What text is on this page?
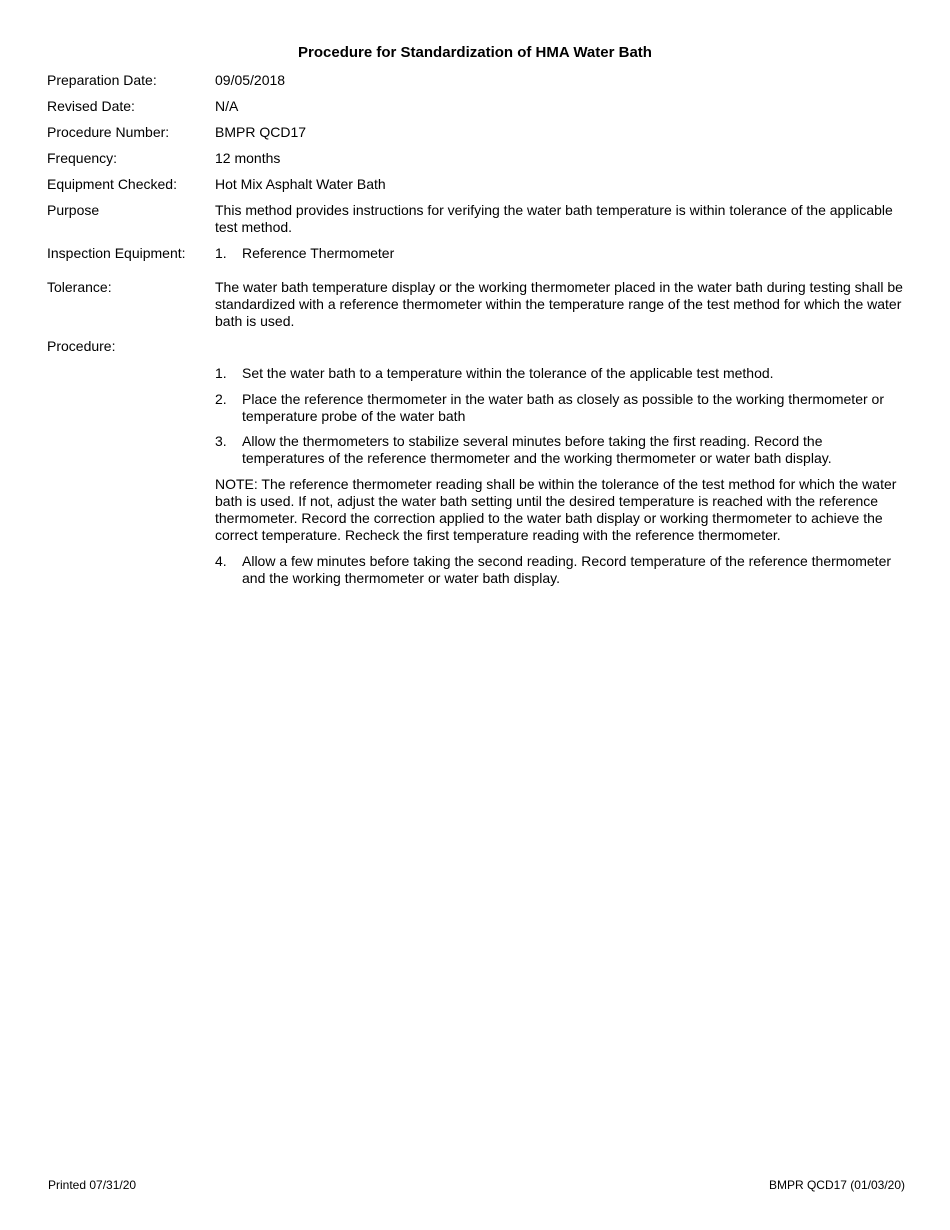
Procedure for Standardization of HMA Water Bath
Preparation Date:	09/05/2018
Revised Date:	N/A
Procedure Number:	BMPR QCD17
Frequency:	12 months
Equipment Checked:	Hot Mix Asphalt Water Bath
Purpose	This method provides instructions for verifying the water bath temperature is within tolerance of the applicable test method.
Inspection Equipment:	1. Reference Thermometer
Tolerance:	The water bath temperature display or the working thermometer placed in the water bath during testing shall be standardized with a reference thermometer within the temperature range of the test method for which the water bath is used.
Procedure:
1. Set the water bath to a temperature within the tolerance of the applicable test method.
2. Place the reference thermometer in the water bath as closely as possible to the working thermometer or temperature probe of the water bath
3. Allow the thermometers to stabilize several minutes before taking the first reading. Record the temperatures of the reference thermometer and the working thermometer or water bath display.
NOTE: The reference thermometer reading shall be within the tolerance of the test method for which the water bath is used. If not, adjust the water bath setting until the desired temperature is reached with the reference thermometer. Record the correction applied to the water bath display or working thermometer to achieve the correct temperature. Recheck the first temperature reading with the reference thermometer.
4. Allow a few minutes before taking the second reading. Record temperature of the reference thermometer and the working thermometer or water bath display.
Printed 07/31/20	BMPR QCD17 (01/03/20)
